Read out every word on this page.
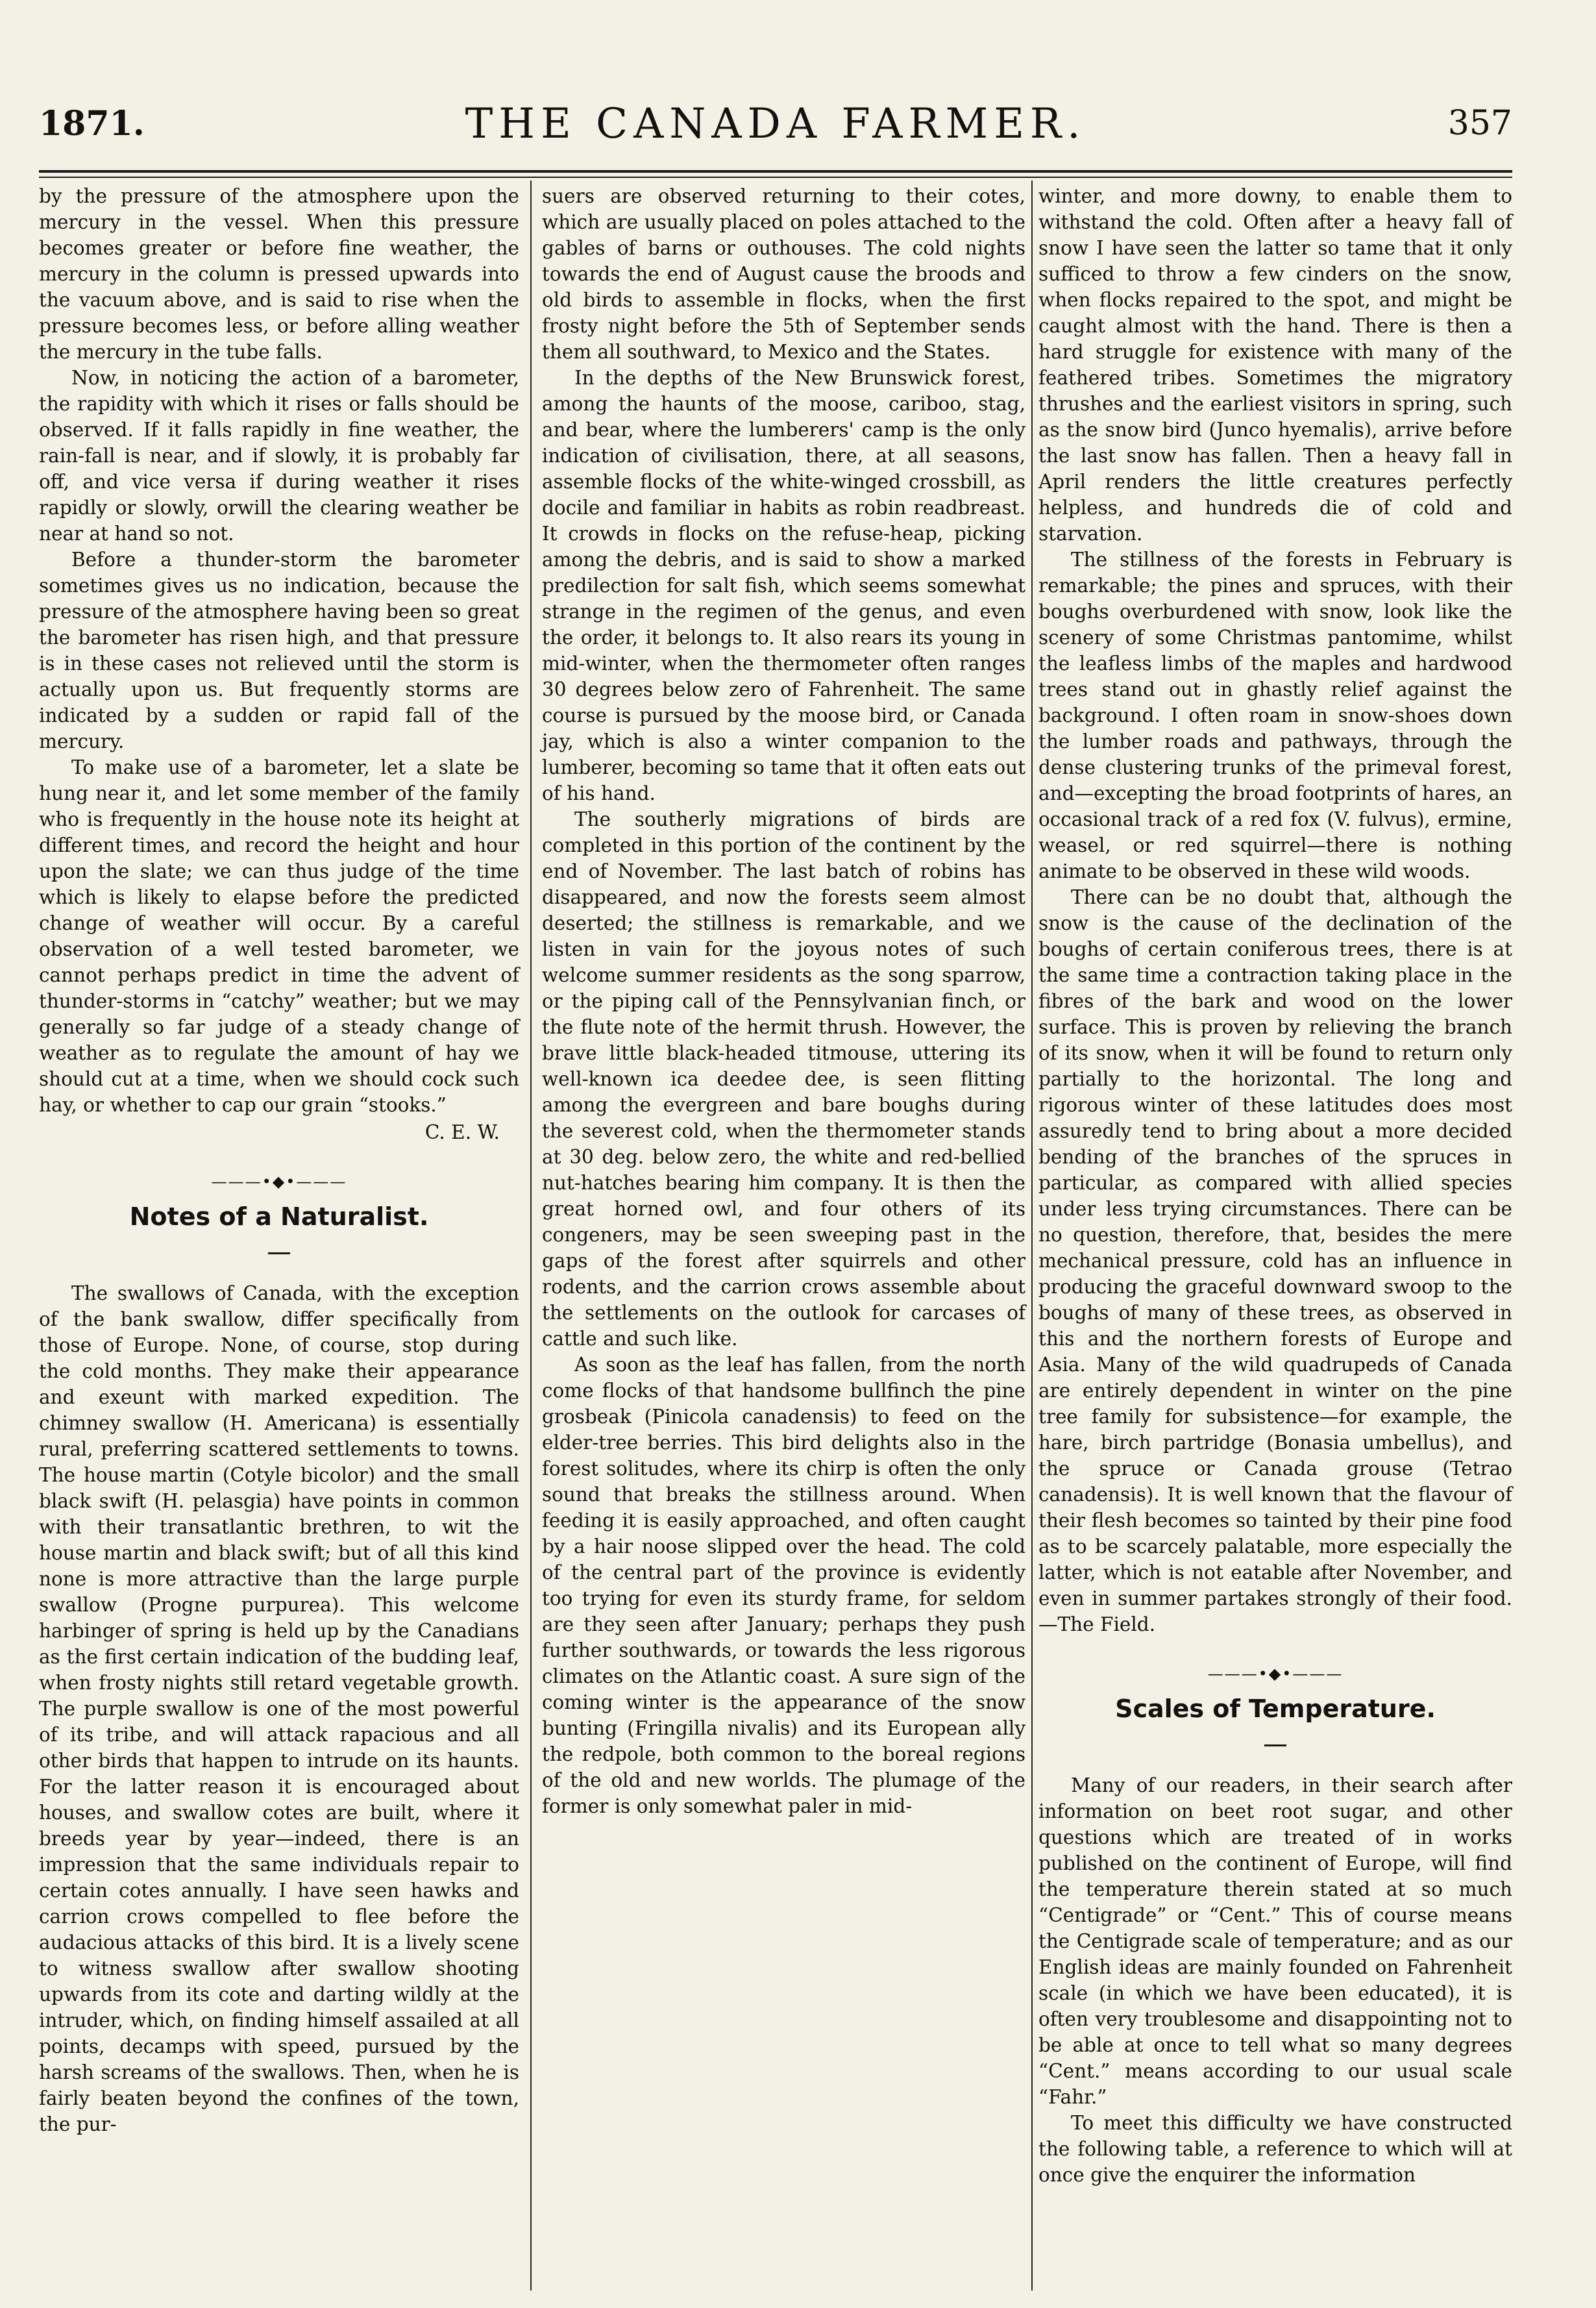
1871.	THE CANADA FARMER.	357

by the pressure of the atmosphere upon the mercury in the vessel. When this pressure becomes greater or before fine weather, the mercury in the column is pressed upwards into the vacuum above, and is said to rise when the pressure becomes less, or before alling weather the mercury in the tube falls.

Now, in noticing the action of a barometer, the rapidity with which it rises or falls should be observed. If it falls rapidly in fine weather, the rain-fall is near, and if slowly, it is probably far off, and vice versa if during weather it rises rapidly or slowly, orwill the clearing weather be near at hand so not.

Before a thunder-storm the barometer sometimes gives us no indication, because the pressure of the atmosphere having been so great the barometer has risen high, and that pressure is in these cases not relieved until the storm is actually upon us. But frequently storms are indicated by a sudden or rapid fall of the mercury.

To make use of a barometer, let a slate be hung near it, and let some member of the family who is frequently in the house note its height at different times, and record the height and hour upon the slate; we can thus judge of the time which is likely to elapse before the predicted change of weather will occur. By a careful observation of a well tested barometer, we cannot perhaps predict in time the advent of thunder-storms in “catchy” weather; but we may generally so far judge of a steady change of weather as to regulate the amount of hay we should cut at a time, when we should cock such hay, or whether to cap our grain “stooks.”

C. E. W.
———•◆•———
Notes of a Naturalist.

The swallows of Canada, with the exception of the bank swallow, differ specifically from those of Europe. None, of course, stop during the cold months. They make their appearance and exeunt with marked expedition. The chimney swallow (H. Americana) is essentially rural, preferring scattered settlements to towns. The house martin (Cotyle bicolor) and the small black swift (H. pelasgia) have points in common with their transatlantic brethren, to wit the house martin and black swift; but of all this kind none is more attractive than the large purple swallow (Progne purpurea). This welcome harbinger of spring is held up by the Canadians as the first certain indication of the budding leaf, when frosty nights still retard vegetable growth. The purple swallow is one of the most powerful of its tribe, and will attack rapacious and all other birds that happen to intrude on its haunts. For the latter reason it is encouraged about houses, and swallow cotes are built, where it breeds year by year—indeed, there is an impression that the same individuals repair to certain cotes annually. I have seen hawks and carrion crows compelled to flee before the audacious attacks of this bird. It is a lively scene to witness swallow after swallow shooting upwards from its cote and darting wildly at the intruder, which, on finding himself assailed at all points, decamps with speed, pursued by the harsh screams of the swallows. Then, when he is fairly beaten beyond the confines of the town, the pur-

suers are observed returning to their cotes, which are usually placed on poles attached to the gables of barns or outhouses. The cold nights towards the end of August cause the broods and old birds to assemble in flocks, when the first frosty night before the 5th of September sends them all southward, to Mexico and the States.

In the depths of the New Brunswick forest, among the haunts of the moose, cariboo, stag, and bear, where the lumberers' camp is the only indication of civilisation, there, at all seasons, assemble flocks of the white-winged crossbill, as docile and familiar in habits as robin readbreast. It crowds in flocks on the refuse-heap, picking among the debris, and is said to show a marked predilection for salt fish, which seems somewhat strange in the regimen of the genus, and even the order, it belongs to. It also rears its young in mid-winter, when the thermometer often ranges 30 degrees below zero of Fahrenheit. The same course is pursued by the moose bird, or Canada jay, which is also a winter companion to the lumberer, becoming so tame that it often eats out of his hand.

The southerly migrations of birds are completed in this portion of the continent by the end of November. The last batch of robins has disappeared, and now the forests seem almost deserted; the stillness is remarkable, and we listen in vain for the joyous notes of such welcome summer residents as the song sparrow, or the piping call of the Pennsylvanian finch, or the flute note of the hermit thrush. However, the brave little black-headed titmouse, uttering its well-known ica deedee dee, is seen flitting among the evergreen and bare boughs during the severest cold, when the thermometer stands at 30 deg. below zero, the white and red-bellied nut-hatches bearing him company. It is then the great horned owl, and four others of its congeners, may be seen sweeping past in the gaps of the forest after squirrels and other rodents, and the carrion crows assemble about the settlements on the outlook for carcases of cattle and such like.

As soon as the leaf has fallen, from the north come flocks of that handsome bullfinch the pine grosbeak (Pinicola canadensis) to feed on the elder-tree berries. This bird delights also in the forest solitudes, where its chirp is often the only sound that breaks the stillness around. When feeding it is easily approached, and often caught by a hair noose slipped over the head. The cold of the central part of the province is evidently too trying for even its sturdy frame, for seldom are they seen after January; perhaps they push further southwards, or towards the less rigorous climates on the Atlantic coast. A sure sign of the coming winter is the appearance of the snow bunting (Fringilla nivalis) and its European ally the redpole, both common to the boreal regions of the old and new worlds. The plumage of the former is only somewhat paler in mid-

winter, and more downy, to enable them to withstand the cold. Often after a heavy fall of snow I have seen the latter so tame that it only sufficed to throw a few cinders on the snow, when flocks repaired to the spot, and might be caught almost with the hand. There is then a hard struggle for existence with many of the feathered tribes. Sometimes the migratory thrushes and the earliest visitors in spring, such as the snow bird (Junco hyemalis), arrive before the last snow has fallen. Then a heavy fall in April renders the little creatures perfectly helpless, and hundreds die of cold and starvation.

The stillness of the forests in February is remarkable; the pines and spruces, with their boughs overburdened with snow, look like the scenery of some Christmas pantomime, whilst the leafless limbs of the maples and hardwood trees stand out in ghastly relief against the background. I often roam in snow-shoes down the lumber roads and pathways, through the dense clustering trunks of the primeval forest, and—excepting the broad footprints of hares, an occasional track of a red fox (V. fulvus), ermine, weasel, or red squirrel—there is nothing animate to be observed in these wild woods.

There can be no doubt that, although the snow is the cause of the declination of the boughs of certain coniferous trees, there is at the same time a contraction taking place in the fibres of the bark and wood on the lower surface. This is proven by relieving the branch of its snow, when it will be found to return only partially to the horizontal. The long and rigorous winter of these latitudes does most assuredly tend to bring about a more decided bending of the branches of the spruces in particular, as compared with allied species under less trying circumstances. There can be no question, therefore, that, besides the mere mechanical pressure, cold has an influence in producing the graceful downward swoop to the boughs of many of these trees, as observed in this and the northern forests of Europe and Asia. Many of the wild quadrupeds of Canada are entirely dependent in winter on the pine tree family for subsistence—for example, the hare, birch partridge (Bonasia umbellus), and the spruce or Canada grouse (Tetrao canadensis). It is well known that the flavour of their flesh becomes so tainted by their pine food as to be scarcely palatable, more especially the latter, which is not eatable after November, and even in summer partakes strongly of their food.—The Field.

———•◆•———
Scales of Temperature.

Many of our readers, in their search after information on beet root sugar, and other questions which are treated of in works published on the continent of Europe, will find the temperature therein stated at so much “Centigrade” or “Cent.” This of course means the Centigrade scale of temperature; and as our English ideas are mainly founded on Fahrenheit scale (in which we have been educated), it is often very troublesome and disappointing not to be able at once to tell what so many degrees “Cent.” means according to our usual scale “Fahr.”

To meet this difficulty we have constructed the following table, a reference to which will at once give the enquirer the information
